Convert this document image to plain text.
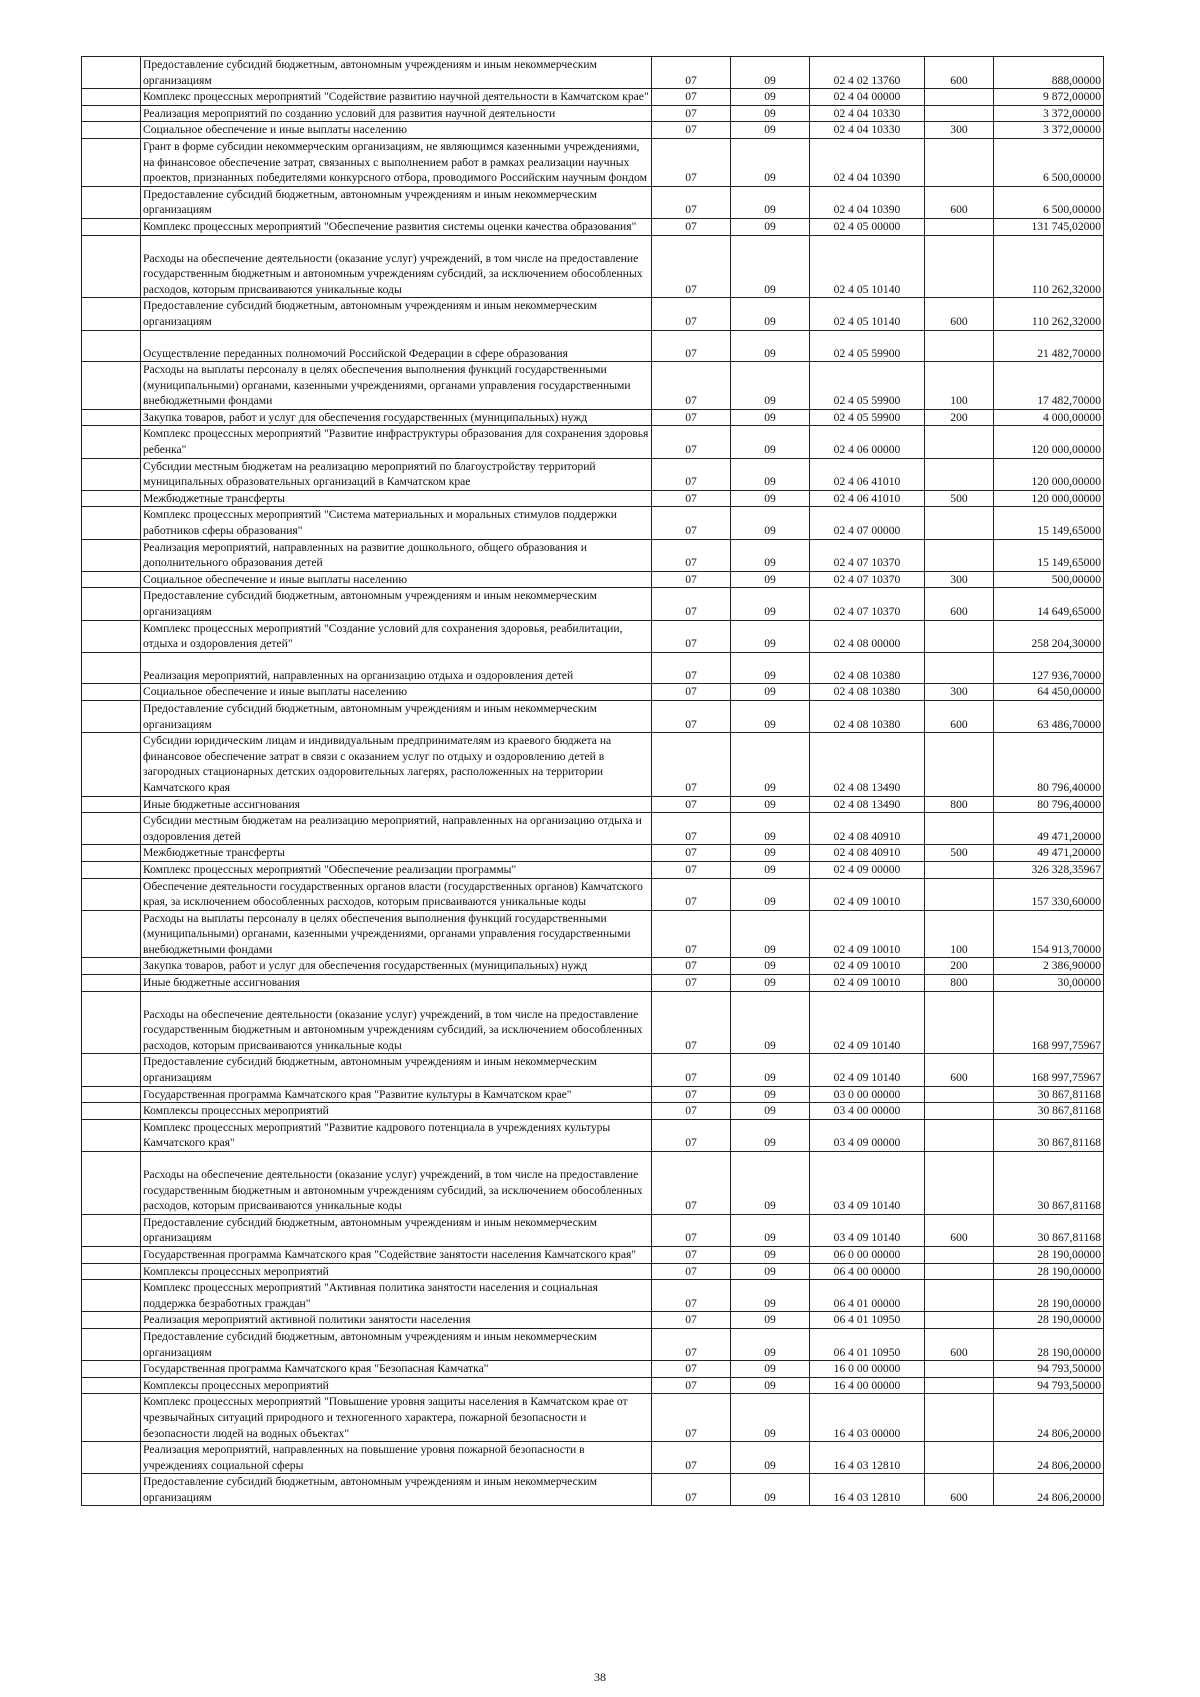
	Предоставление субсидий бюджетным, автономным учреждениям и иным некоммерческим организациям	07	09	02 4 02 13760	600	888,00000
	Комплекс процессных мероприятий "Содействие развитию научной деятельности в Камчатском крае"	07	09	02 4 04 00000		9 872,00000
	Реализация мероприятий по созданию условий для развития научной деятельности	07	09	02 4 04 10330		3 372,00000
	Социальное обеспечение и иные выплаты населению	07	09	02 4 04 10330	300	3 372,00000
	Грант в форме субсидии некоммерческим организациям, не являющимся казенными учреждениями, на финансовое обеспечение затрат, связанных с выполнением работ в рамках реализации научных проектов, признанных победителями конкурсного отбора, проводимого Российским научным фондом	07	09	02 4 04 10390		6 500,00000
	Предоставление субсидий бюджетным, автономным учреждениям и иным некоммерческим организациям	07	09	02 4 04 10390	600	6 500,00000
	Комплекс процессных мероприятий "Обеспечение развития системы оценки качества образования"	07	09	02 4 05 00000		131 745,02000
	Расходы на обеспечение деятельности (оказание услуг) учреждений, в том числе на предоставление государственным бюджетным и автономным учреждениям субсидий, за исключением обособленных расходов, которым присваиваются уникальные коды	07	09	02 4 05 10140		110 262,32000
	Предоставление субсидий бюджетным, автономным учреждениям и иным некоммерческим организациям	07	09	02 4 05 10140	600	110 262,32000
	Осуществление переданных полномочий Российской Федерации в сфере образования	07	09	02 4 05 59900		21 482,70000
	Расходы на выплаты персоналу в целях обеспечения выполнения функций государственными (муниципальными) органами, казенными учреждениями, органами управления государственными внебюджетными фондами	07	09	02 4 05 59900	100	17 482,70000
	Закупка товаров, работ и услуг для обеспечения государственных (муниципальных) нужд	07	09	02 4 05 59900	200	4 000,00000
	Комплекс процессных мероприятий "Развитие инфраструктуры образования для сохранения здоровья ребенка"	07	09	02 4 06 00000		120 000,00000
	Субсидии местным бюджетам на реализацию мероприятий по благоустройству территорий муниципальных образовательных организаций в Камчатском крае	07	09	02 4 06 41010		120 000,00000
	Межбюджетные трансферты	07	09	02 4 06 41010	500	120 000,00000
	Комплекс процессных мероприятий "Система материальных и моральных стимулов поддержки работников сферы образования"	07	09	02 4 07 00000		15 149,65000
	Реализация мероприятий, направленных на развитие дошкольного, общего образования и дополнительного образования детей	07	09	02 4 07 10370		15 149,65000
	Социальное обеспечение и иные выплаты населению	07	09	02 4 07 10370	300	500,00000
	Предоставление субсидий бюджетным, автономным учреждениям и иным некоммерческим организациям	07	09	02 4 07 10370	600	14 649,65000
	Комплекс процессных мероприятий "Создание условий для сохранения здоровья, реабилитации, отдыха и оздоровления детей"	07	09	02 4 08 00000		258 204,30000
	Реализация мероприятий, направленных на организацию отдыха и оздоровления детей	07	09	02 4 08 10380		127 936,70000
	Социальное обеспечение и иные выплаты населению	07	09	02 4 08 10380	300	64 450,00000
	Предоставление субсидий бюджетным, автономным учреждениям и иным некоммерческим организациям	07	09	02 4 08 10380	600	63 486,70000
	Субсидии юридическим лицам и индивидуальным предпринимателям из краевого бюджета на финансовое обеспечение затрат в связи с оказанием услуг по отдыху и оздоровлению детей в загородных стационарных детских оздоровительных лагерях, расположенных на территории Камчатского края	07	09	02 4 08 13490		80 796,40000
	Иные бюджетные ассигнования	07	09	02 4 08 13490	800	80 796,40000
	Субсидии местным бюджетам на реализацию мероприятий, направленных на организацию отдыха и оздоровления детей	07	09	02 4 08 40910		49 471,20000
	Межбюджетные трансферты	07	09	02 4 08 40910	500	49 471,20000
	Комплекс процессных мероприятий "Обеспечение реализации программы"	07	09	02 4 09 00000		326 328,35967
	Обеспечение деятельности государственных органов власти (государственных органов) Камчатского края, за исключением обособленных расходов, которым присваиваются уникальные коды	07	09	02 4 09 10010		157 330,60000
	Расходы на выплаты персоналу в целях обеспечения выполнения функций государственными (муниципальными) органами, казенными учреждениями, органами управления государственными внебюджетными фондами	07	09	02 4 09 10010	100	154 913,70000
	Закупка товаров, работ и услуг для обеспечения государственных (муниципальных) нужд	07	09	02 4 09 10010	200	2 386,90000
	Иные бюджетные ассигнования	07	09	02 4 09 10010	800	30,00000
	Расходы на обеспечение деятельности (оказание услуг) учреждений, в том числе на предоставление государственным бюджетным и автономным учреждениям субсидий, за исключением обособленных расходов, которым присваиваются уникальные коды	07	09	02 4 09 10140		168 997,75967
	Предоставление субсидий бюджетным, автономным учреждениям и иным некоммерческим организациям	07	09	02 4 09 10140	600	168 997,75967
	Государственная программа Камчатского края "Развитие культуры в Камчатском крае"	07	09	03 0 00 00000		30 867,81168
	Комплексы процессных мероприятий	07	09	03 4 00 00000		30 867,81168
	Комплекс процессных мероприятий "Развитие кадрового потенциала в учреждениях культуры Камчатского края"	07	09	03 4 09 00000		30 867,81168
	Расходы на обеспечение деятельности (оказание услуг) учреждений, в том числе на предоставление государственным бюджетным и автономным учреждениям субсидий, за исключением обособленных расходов, которым присваиваются уникальные коды	07	09	03 4 09 10140		30 867,81168
	Предоставление субсидий бюджетным, автономным учреждениям и иным некоммерческим организациям	07	09	03 4 09 10140	600	30 867,81168
	Государственная программа Камчатского края "Содействие занятости населения Камчатского края"	07	09	06 0 00 00000		28 190,00000
	Комплексы процессных мероприятий	07	09	06 4 00 00000		28 190,00000
	Комплекс процессных мероприятий "Активная политика занятости населения и социальная поддержка безработных граждан"	07	09	06 4 01 00000		28 190,00000
	Реализация мероприятий активной политики занятости населения	07	09	06 4 01 10950		28 190,00000
	Предоставление субсидий бюджетным, автономным учреждениям и иным некоммерческим организациям	07	09	06 4 01 10950	600	28 190,00000
	Государственная программа Камчатского края "Безопасная Камчатка"	07	09	16 0 00 00000		94 793,50000
	Комплексы процессных мероприятий	07	09	16 4 00 00000		94 793,50000
	Комплекс процессных мероприятий "Повышение уровня защиты населения в Камчатском крае от чрезвычайных ситуаций природного и техногенного характера, пожарной безопасности и безопасности людей на водных объектах"	07	09	16 4 03 00000		24 806,20000
	Реализация мероприятий, направленных на повышение уровня пожарной безопасности в учреждениях социальной сферы	07	09	16 4 03 12810		24 806,20000
	Предоставление субсидий бюджетным, автономным учреждениям и иным некоммерческим организациям	07	09	16 4 03 12810	600	24 806,20000
38
